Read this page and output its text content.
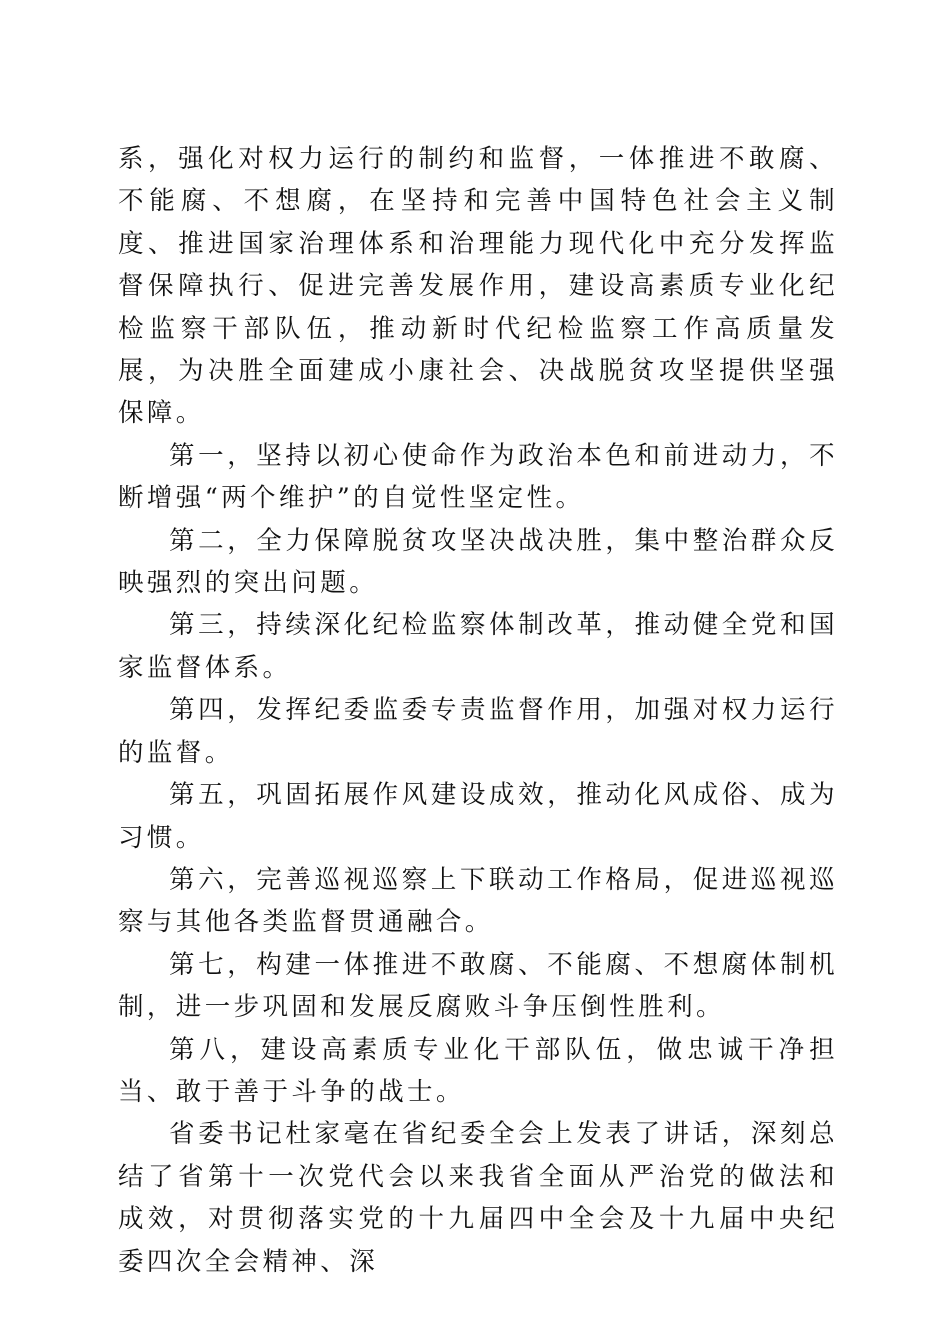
系，强化对权力运行的制约和监督，一体推进不敢腐、不能腐、不想腐，在坚持和完善中国特色社会主义制度、推进国家治理体系和治理能力现代化中充分发挥监督保障执行、促进完善发展作用，建设高素质专业化纪检监察干部队伍，推动新时代纪检监察工作高质量发展，为决胜全面建成小康社会、决战脱贫攻坚提供坚强保障。

第一，坚持以初心使命作为政治本色和前进动力，不断增强“两个维护”的自觉性坚定性。

第二，全力保障脱贫攻坚决战决胜，集中整治群众反映强烈的突出问题。

第三，持续深化纪检监察体制改革，推动健全党和国家监督体系。

第四，发挥纪委监委专责监督作用，加强对权力运行的监督。

第五，巩固拓展作风建设成效，推动化风成俗、成为习惯。

第六，完善巡视巡察上下联动工作格局，促进巡视巡察与其他各类监督贯通融合。

第七，构建一体推进不敢腐、不能腐、不想腐体制机制，进一步巩固和发展反腐败斗争压倒性胜利。

第八，建设高素质专业化干部队伍，做忠诚干净担当、敢于善于斗争的战士。

省委书记杜家毫在省纪委全会上发表了讲话，深刻总结了省第十一次党代会以来我省全面从严治党的做法和成效，对贯彻落实党的十九届四中全会及十九届中央纪委四次全会精神、深
